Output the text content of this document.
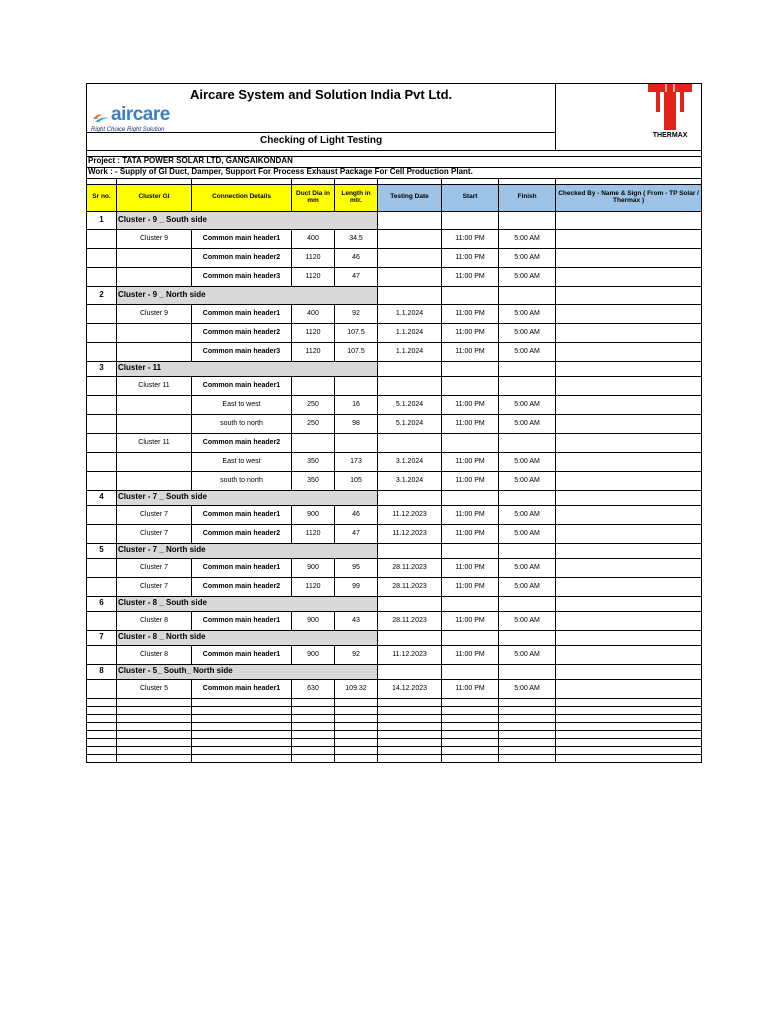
Aircare System and Solution India Pvt Ltd.								THERMAX

aircare
Right Choice Right Solution								

Checking of Light Testing								

Project : TATA POWER SOLAR LTD, GANGAIKONDAN								
Work : - Supply of GI Duct, Damper, Support For Process Exhaust Package For Cell Production Plant.								

Sr no.	Cluster GI	Connection Details	Duct Dia in mm	Length in mtr.	Testing Date	Start	Finish	Checked By - Name & Sign ( From - TP Solar / Thermax )
1	Cluster - 9 _ South side							
	Cluster 9	Common main header1	400	34.5		11:00 PM	5:00 AM	
		Common main header2	1120	46		11:00 PM	5:00 AM	
		Common main header3	1120	47		11:00 PM	5:00 AM	
2	Cluster - 9 _ North side							
	Cluster 9	Common main header1	400	92	1.1.2024	11:00 PM	5:00 AM	
		Common main header2	1120	107.5	1.1.2024	11:00 PM	5:00 AM	
		Common main header3	1120	107.5	1.1.2024	11:00 PM	5:00 AM	
3	Cluster - 11							
	Cluster 11	Common main header1						
		East to west	250	16	5.1.2024	11:00 PM	5:00 AM	
		south to north	250	98	5.1.2024	11:00 PM	5:00 AM	
	Cluster 11	Common main header2						
		East to west	350	173	3.1.2024	11:00 PM	5:00 AM	
		south to north	350	105	3.1.2024	11:00 PM	5:00 AM	
4	Cluster - 7 _ South side							
	Cluster 7	Common main header1	900	46	11.12.2023	11:00 PM	5:00 AM	
	Cluster 7	Common main header2	1120	47	11.12.2023	11:00 PM	5:00 AM	
5	Cluster - 7 _ North side							
	Cluster 7	Common main header1	900	95	28.11.2023	11:00 PM	5:00 AM	
	Cluster 7	Common main header2	1120	99	28.11.2023	11:00 PM	5:00 AM	
6	Cluster - 8 _ South side							
	Cluster 8	Common main header1	900	43	28.11.2023	11:00 PM	5:00 AM	
7	Cluster - 8 _ North side							
	Cluster 8	Common main header1	900	92	11.12.2023	11:00 PM	5:00 AM	
8	Cluster - 5_ South_ North side							
	Cluster 5	Common main header1	630	109.32	14.12.2023	11:00 PM	5:00 AM	
